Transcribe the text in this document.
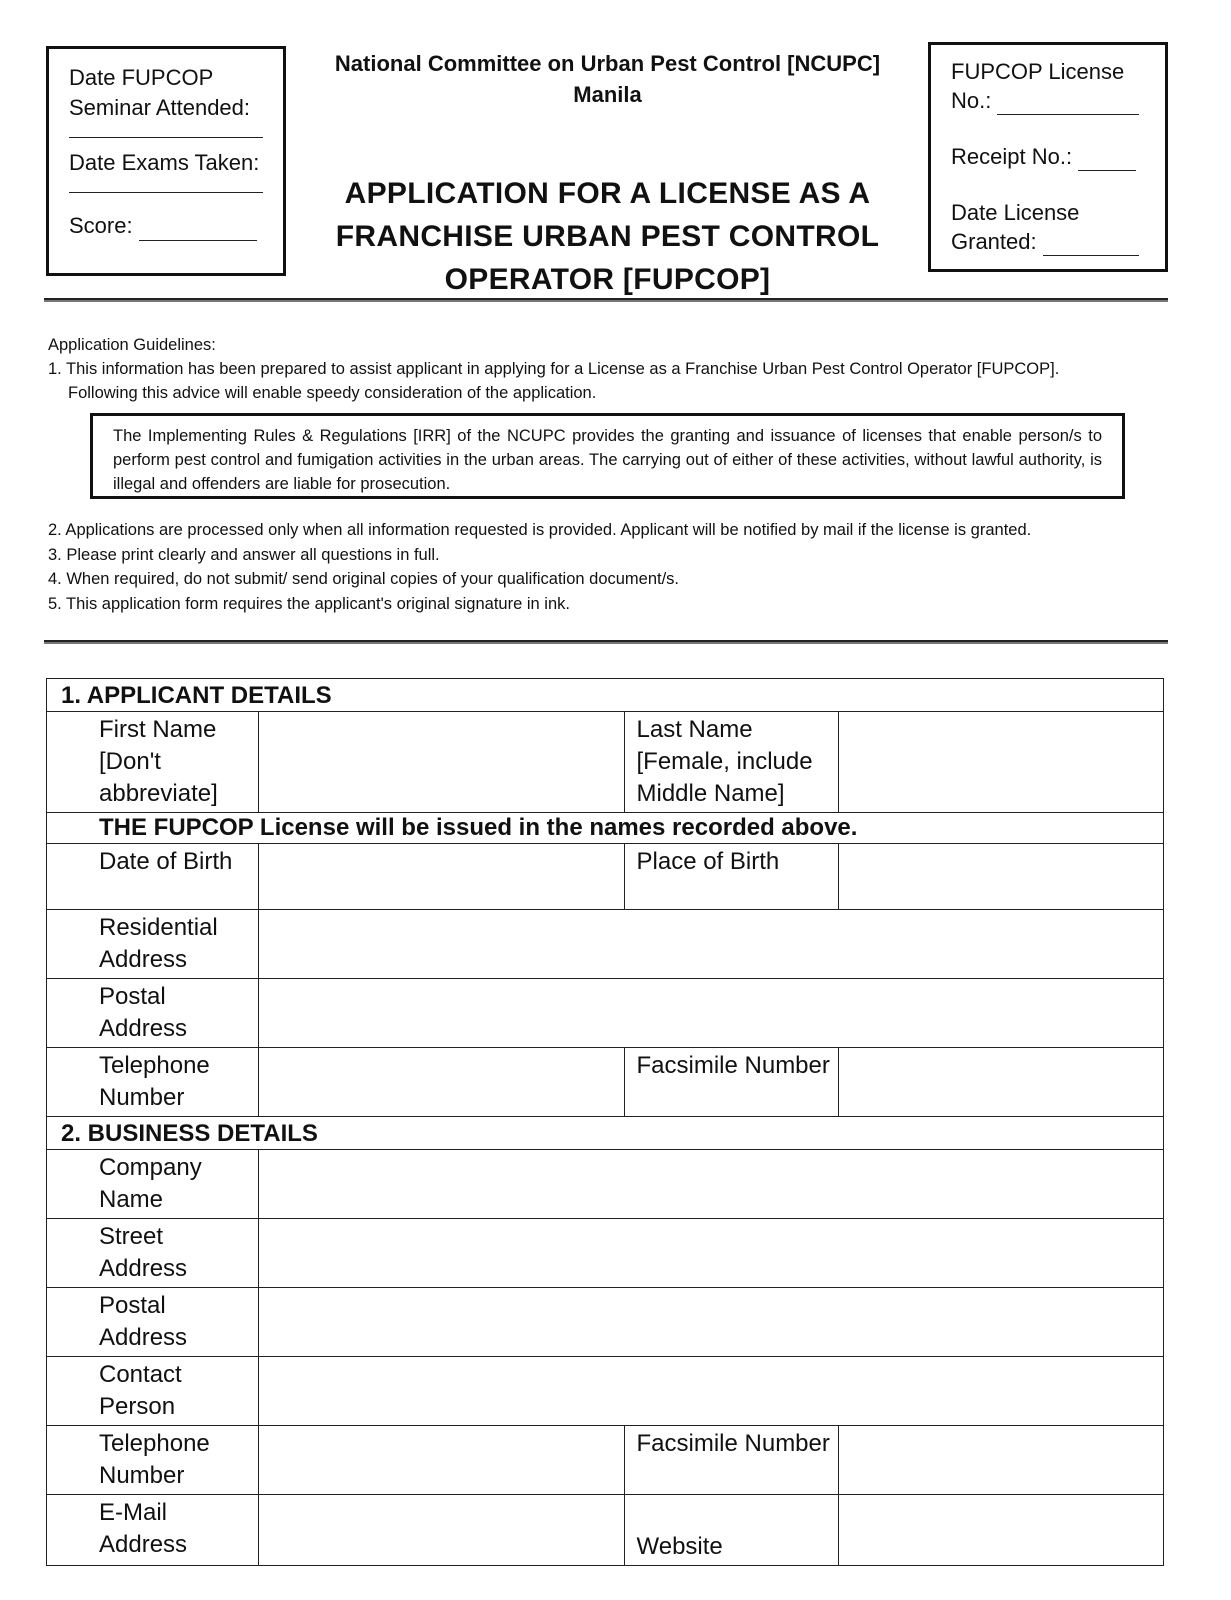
Date FUPCOP Seminar Attended:
Date Exams Taken:
Score:
National Committee on Urban Pest Control [NCUPC]
Manila
APPLICATION FOR A LICENSE AS A
FRANCHISE URBAN PEST CONTROL
OPERATOR [FUPCOP]
FUPCOP License
No.:
Receipt No.:
Date License
Granted:

Application Guidelines:

1. This information has been prepared to assist applicant in applying for a License as a Franchise Urban Pest Control Operator [FUPCOP].

Following this advice will enable speedy consideration of the application.

The Implementing Rules & Regulations [IRR] of the NCUPC provides the granting and issuance of licenses that enable person/s to perform pest control and fumigation activities in the urban areas. The carrying out of either of these activities, without lawful authority, is illegal and offenders are liable for prosecution.

2. Applications are processed only when all information requested is provided. Applicant will be notified by mail if the license is granted.

3. Please print clearly and answer all questions in full.

4. When required, do not submit/ send original copies of your qualification document/s.

5. This application form requires the applicant's original signature in ink.

1. APPLICANT DETAILS			
First Name [Don't abbreviate]		Last Name [Female, include Middle Name]	
THE FUPCOP License will be issued in the names recorded above.			
Date of Birth		Place of Birth	
Residential Address			
Postal Address			
Telephone Number		Facsimile Number	
2. BUSINESS DETAILS			
Company Name			
Street Address			
Postal Address			
Contact Person			
Telephone Number		Facsimile Number	
E-Mail Address		Website	
